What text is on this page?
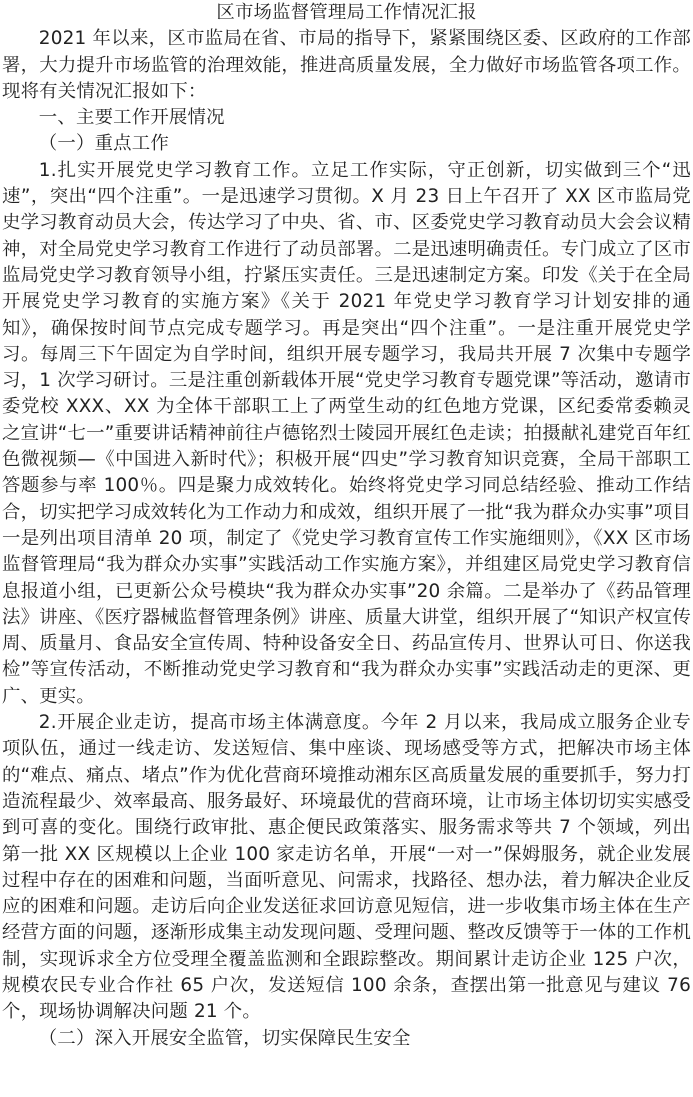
区市场监督管理局工作情况汇报
2021 年以来，区市监局在省、市局的指导下，紧紧围绕区委、区政府的工作部署，大力提升市场监管的治理效能，推进高质量发展，全力做好市场监管各项工作。现将有关情况汇报如下：
一、主要工作开展情况
（一）重点工作
1.扎实开展党史学习教育工作。立足工作实际，守正创新，切实做到三个“迅速”，突出“四个注重”。一是迅速学习贯彻。X 月 23 日上午召开了 XX 区市监局党史学习教育动员大会，传达学习了中央、省、市、区委党史学习教育动员大会会议精神，对全局党史学习教育工作进行了动员部署。二是迅速明确责任。专门成立了区市监局党史学习教育领导小组，拧紧压实责任。三是迅速制定方案。印发《关于在全局开展党史学习教育的实施方案》《关于 2021 年党史学习教育学习计划安排的通知》，确保按时间节点完成专题学习。再是突出“四个注重”。一是注重开展党史学习。每周三下午固定为自学时间，组织开展专题学习，我局共开展 7 次集中专题学习，1 次学习研讨。三是注重创新载体开展“党史学习教育专题党课”等活动，邀请市委党校 XXX、XX 为全体干部职工上了两堂生动的红色地方党课，区纪委常委赖灵之宣讲“七一”重要讲话精神前往卢德铭烈士陵园开展红色走读；拍摄献礼建党百年红色微视频—《中国进入新时代》；积极开展“四史”学习教育知识竞赛，全局干部职工答题参与率 100％。四是聚力成效转化。始终将党史学习同总结经验、推动工作结合，切实把学习成效转化为工作动力和成效，组织开展了一批“我为群众办实事”项目一是列出项目清单 20 项，制定了《党史学习教育宣传工作实施细则》，《XX 区市场监督管理局“我为群众办实事”实践活动工作实施方案》，并组建区局党史学习教育信息报道小组，已更新公众号模块“我为群众办实事”20 余篇。二是举办了《药品管理法》讲座、《医疗器械监督管理条例》讲座、质量大讲堂，组织开展了“知识产权宣传周、质量月、食品安全宣传周、特种设备安全日、药品宣传月、世界认可日、你送我检”等宣传活动，不断推动党史学习教育和“我为群众办实事”实践活动走的更深、更广、更实。
2.开展企业走访，提高市场主体满意度。今年 2 月以来，我局成立服务企业专项队伍，通过一线走访、发送短信、集中座谈、现场感受等方式，把解决市场主体的“难点、痛点、堵点”作为优化营商环境推动湘东区高质量发展的重要抓手，努力打造流程最少、效率最高、服务最好、环境最优的营商环境，让市场主体切切实实感受到可喜的变化。围绕行政审批、惠企便民政策落实、服务需求等共 7 个领域，列出第一批 XX 区规模以上企业 100 家走访名单，开展“一对一”保姆服务，就企业发展过程中存在的困难和问题，当面听意见、问需求，找路径、想办法，着力解决企业反应的困难和问题。走访后向企业发送征求回访意见短信，进一步收集市场主体在生产经营方面的问题，逐渐形成集主动发现问题、受理问题、整改反馈等于一体的工作机制，实现诉求全方位受理全覆盖监测和全跟踪整改。期间累计走访企业 125 户次，规模农民专业合作社 65 户次，发送短信 100 余条，查摆出第一批意见与建议 76 个，现场协调解决问题 21 个。
（二）深入开展安全监管，切实保障民生安全
